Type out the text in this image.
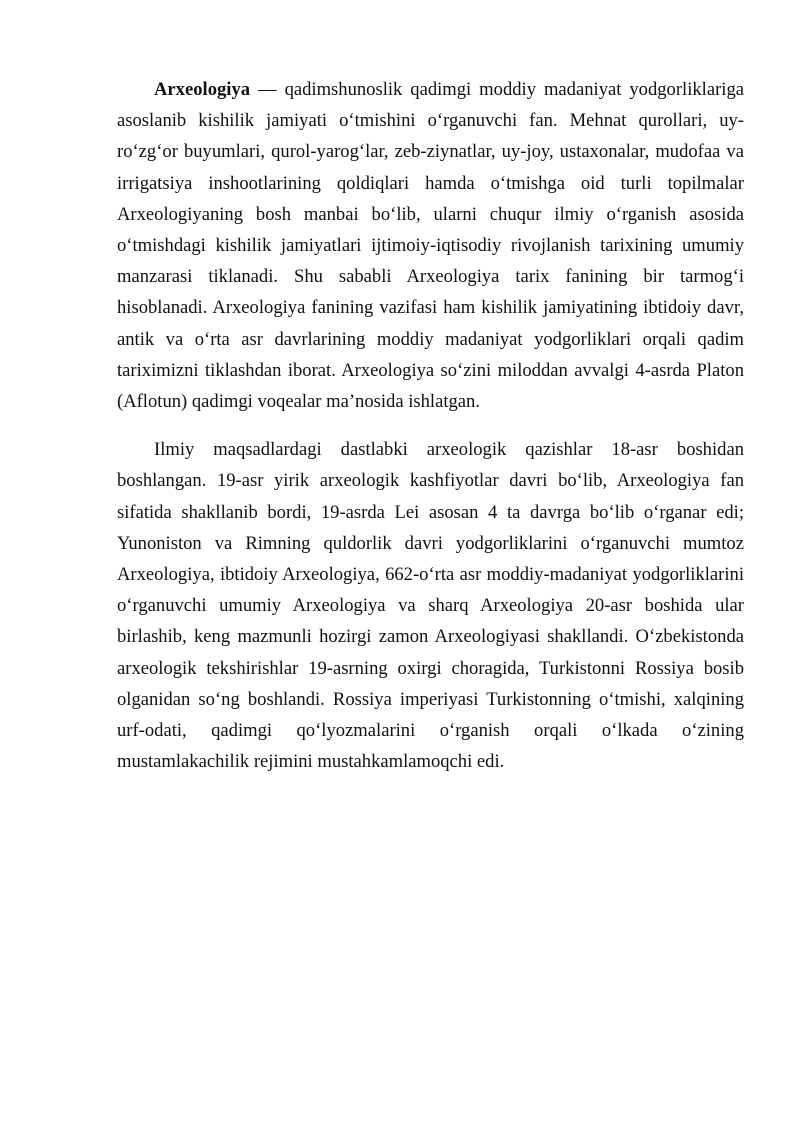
Arxeologiya — qadimshunoslik qadimgi moddiy madaniyat yodgorliklariga asoslanib kishilik jamiyati oʻtmishini oʻrganuvchi fan. Mehnat qurollari, uy-roʻzgʻor buyumlari, qurol-yarogʻlar, zeb-ziynatlar, uy-joy, ustaxonalar, mudofaa va irrigatsiya inshootlarining qoldiqlari hamda oʻtmishga oid turli topilmalar Arxeologiyaning bosh manbai boʻlib, ularni chuqur ilmiy oʻrganish asosida oʻtmishdagi kishilik jamiyatlari ijtimoiy-iqtisodiy rivojlanish tarixining umumiy manzarasi tiklanadi. Shu sababli Arxeologiya tarix fanining bir tarmogʻi hisoblanadi. Arxeologiya fanining vazifasi ham kishilik jamiyatining ibtidoiy davr, antik va oʻrta asr davrlarining moddiy madaniyat yodgorliklari orqali qadim tariximizni tiklashdan iborat. Arxeologiya soʻzini miloddan avvalgi 4-asrda Platon (Aflotun) qadimgi voqealar maʼnosida ishlatgan.

Ilmiy maqsadlardagi dastlabki arxeologik qazishlar 18-asr boshidan boshlangan. 19-asr yirik arxeologik kashfiyotlar davri boʻlib, Arxeologiya fan sifatida shakllanib bordi, 19-asrda Lei asosan 4 ta davrga boʻlib oʻrganar edi; Yunoniston va Rimning quldorlik davri yodgorliklarini oʻrganuvchi mumtoz Arxeologiya, ibtidoiy Arxeologiya, 662-oʻrta asr moddiy-madaniyat yodgorliklarini oʻrganuvchi umumiy Arxeologiya va sharq Arxeologiya 20-asr boshida ular birlashib, keng mazmunli hozirgi zamon Arxeologiyasi shakllandi. Oʻzbekistonda arxeologik tekshirishlar 19-asrning oxirgi choragida, Turkistonni Rossiya bosib olganidan soʻng boshlandi. Rossiya imperiyasi Turkistonning oʻtmishi, xalqining urf-odati, qadimgi qoʻlyozmalarini oʻrganish orqali oʻlkada oʻzining mustamlakachilik rejimini mustahkamlamoqchi edi.
